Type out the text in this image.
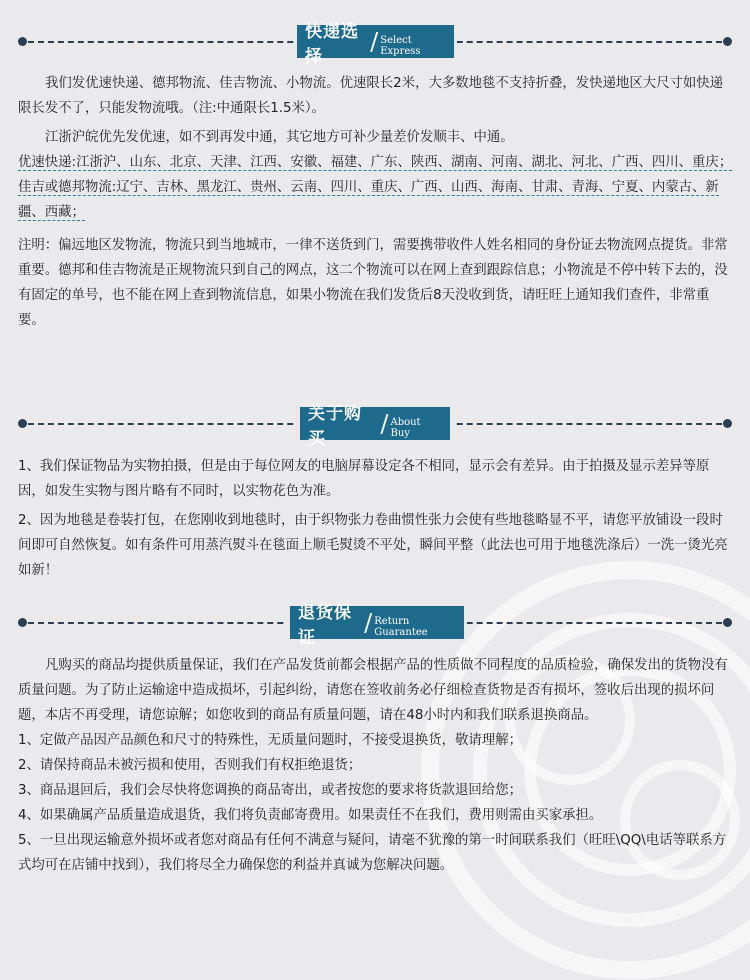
快递选择
/ Select Express

我们发优速快递、德邦物流、佳吉物流、小物流。优速限长2米，大多数地毯不支持折叠，发快递地区大尺寸如快递限长发不了，只能发物流哦。（注:中通限长1.5米）。

江浙沪皖优先发优速，如不到再发中通，其它地方可补少量差价发顺丰、中通。

优速快递:江浙沪、山东、北京、天津、江西、安徽、福建、广东、陕西、湖南、河南、湖北、河北、广西、四川、重庆；

佳吉或德邦物流:辽宁、吉林、黑龙江、贵州、云南、四川、重庆、广西、山西、海南、甘肃、青海、宁夏、内蒙古、新疆、西藏；

注明：偏远地区发物流，物流只到当地城市，一律不送货到门，需要携带收件人姓名相同的身份证去物流网点提货。非常重要。德邦和佳吉物流是正规物流只到自己的网点，这二个物流可以在网上查到跟踪信息；小物流是不停中转下去的，没有固定的单号，也不能在网上查到物流信息，如果小物流在我们发货后8天没收到货，请旺旺上通知我们查件，非常重要。

关于购买
/ About Buy

1、我们保证物品为实物拍摄，但是由于每位网友的电脑屏幕设定各不相同，显示会有差异。由于拍摄及显示差异等原因，如发生实物与图片略有不同时，以实物花色为准。

2、因为地毯是卷装打包，在您刚收到地毯时，由于织物张力卷曲惯性张力会使有些地毯略显不平，请您平放铺设一段时间即可自然恢复。如有条件可用蒸汽熨斗在毯面上顺毛熨烫不平处，瞬间平整（此法也可用于地毯洗涤后）一洗一烫光亮如新！

退货保证
/ Return Guarantee

凡购买的商品均提供质量保证，我们在产品发货前都会根据产品的性质做不同程度的品质检验，确保发出的货物没有质量问题。为了防止运输途中造成损坏，引起纠纷，请您在签收前务必仔细检查货物是否有损坏，签收后出现的损坏问题，本店不再受理，请您谅解；如您收到的商品有质量问题，请在48小时内和我们联系退换商品。

1、定做产品因产品颜色和尺寸的特殊性，无质量问题时，不接受退换货，敬请理解；

2、请保持商品未被污损和使用，否则我们有权拒绝退货；

3、商品退回后，我们会尽快将您调换的商品寄出，或者按您的要求将货款退回给您；

4、如果确属产品质量造成退货，我们将负责邮寄费用。如果责任不在我们，费用则需由买家承担。

5、一旦出现运输意外损坏或者您对商品有任何不满意与疑问，请毫不犹豫的第一时间联系我们（旺旺\QQ\电话等联系方式均可在店铺中找到），我们将尽全力确保您的利益并真诚为您解决问题。
